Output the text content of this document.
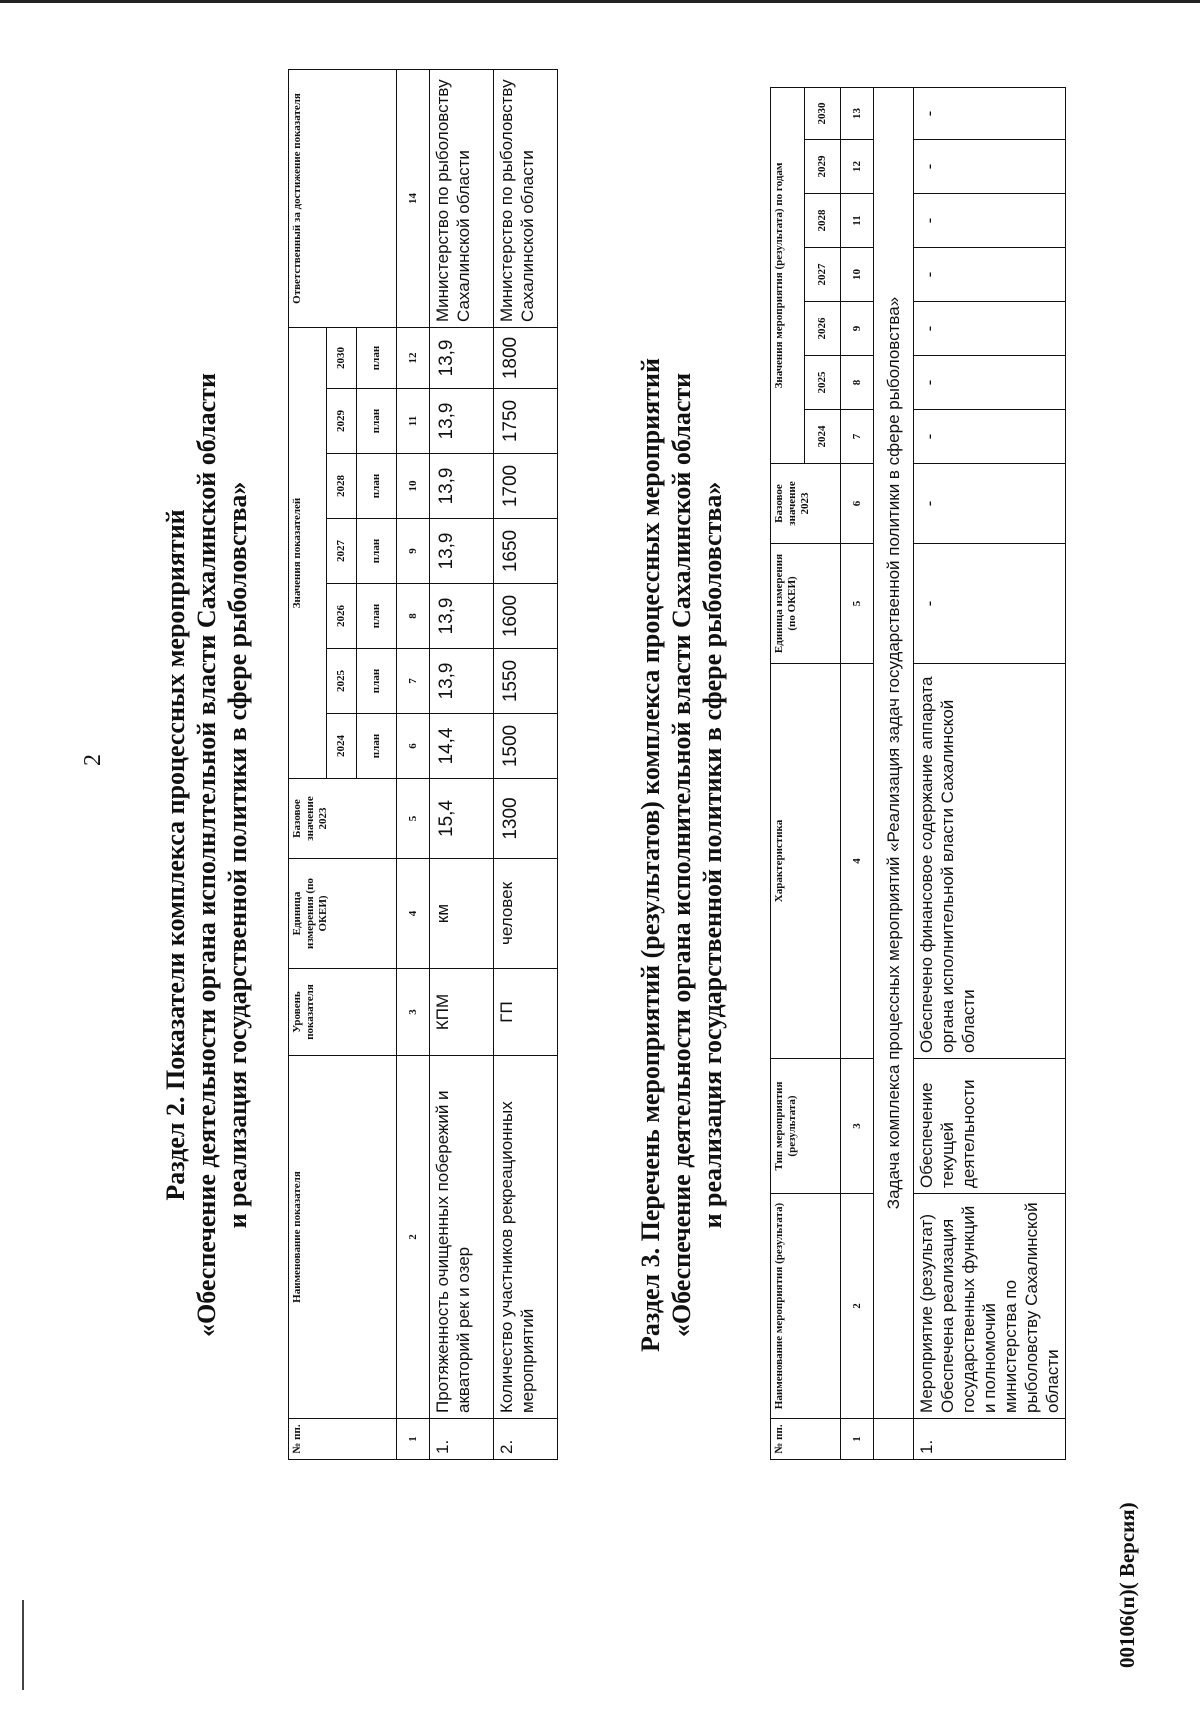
2 Раздел 2. Показатели комплекса процессных мероприятий «Обеспечение деятельности органа исполнлтельной власти Сахалинской области и реализация государственной политики в сфере рыболовства»
№ пп.	Наименование показателя	Уровень показателя	Единица измерения (по ОКЕИ)	Базовое значение 2023	Значения показателей							Ответственный за достижение показателя
					2024	2025	2026	2027	2028	2029	2030	
					план	план	план	план	план	план	план	
1	2	3	4	5	6	7	8	9	10	11	12	14
1.	Протяженность очищенных побережий и акваторий рек и озер	КПМ	км	15,4	14,4	13,9	13,9	13,9	13,9	13,9	13,9	Министерство по рыболовству Сахалинской области
2.	Количество участников рекреационных мероприятий	ГП	человек	1300	1500	1550	1600	1650	1700	1750	1800	Министерство по рыболовству Сахалинской области
Раздел 3. Перечень мероприятий (результатов) комплекса процессных мероприятий «Обеспечение деятельности органа исполнительной власти Сахалинской области и реализация государственной политики в сфере рыболовства»
№ пп.	Наименование мероприятия (результата)	Тип мероприятия (результата)	Характеристика	Единица измерения (по ОКЕИ)	Базовое значение 2023	Значения мероприятия (результата) по годам						
						2024	2025	2026	2027	2028	2029	2030
1	2	3	4	5	6	7	8	9	10	11	12	13
	Задача комплекса процессных мероприятий «Реализация задач государственной политики в сфере рыболовства»											
1.	Мероприятие (результат) Обеспечена реализация государственных функций и полномочий министерства по рыболовству Сахалинской области	Обеспечение текущей деятельности	Обеспечено финансовое содержание аппарата органа исполнительной власти Сахалинской области	-	-	-	-	-	-	-	-	-
00106(п)( Версия)
